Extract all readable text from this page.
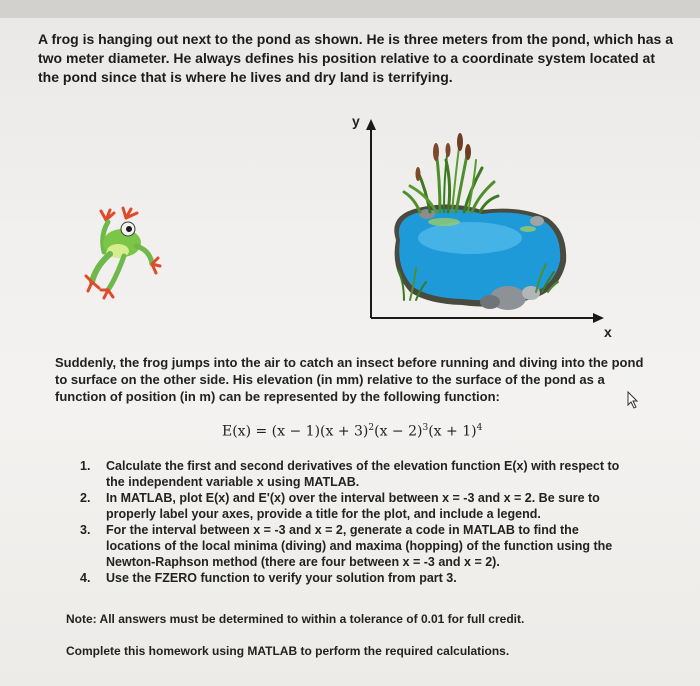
A frog is hanging out next to the pond as shown. He is three meters from the pond, which has a
two meter diameter. He always defines his position relative to a coordinate system located at
the pond since that is where he lives and dry land is terrifying.
y
x
Suddenly, the frog jumps into the air to catch an insect before running and diving into the pond
to surface on the other side. His elevation (in mm) relative to the surface of the pond as a
function of position (in m) can be represented by the following function:
$E(x) = (x - 1)(x + 3)^2(x - 2)^3(x + 1)^4$
1.	Calculate the first and second derivatives of the elevation function E(x) with respect to
the independent variable x using MATLAB.
2.	In MATLAB, plot E(x) and E'(x) over the interval between x = -3 and x = 2. Be sure to
properly label your axes, provide a title for the plot, and include a legend.
3.	For the interval between x = -3 and x = 2, generate a code in MATLAB to find the
locations of the local minima (diving) and maxima (hopping) of the function using the
Newton-Raphson method (there are four between x = -3 and x = 2).
4.	Use the FZERO function to verify your solution from part 3.
Note: All answers must be determined to within a tolerance of 0.01 for full credit.
Complete this homework using MATLAB to perform the required calculations.
